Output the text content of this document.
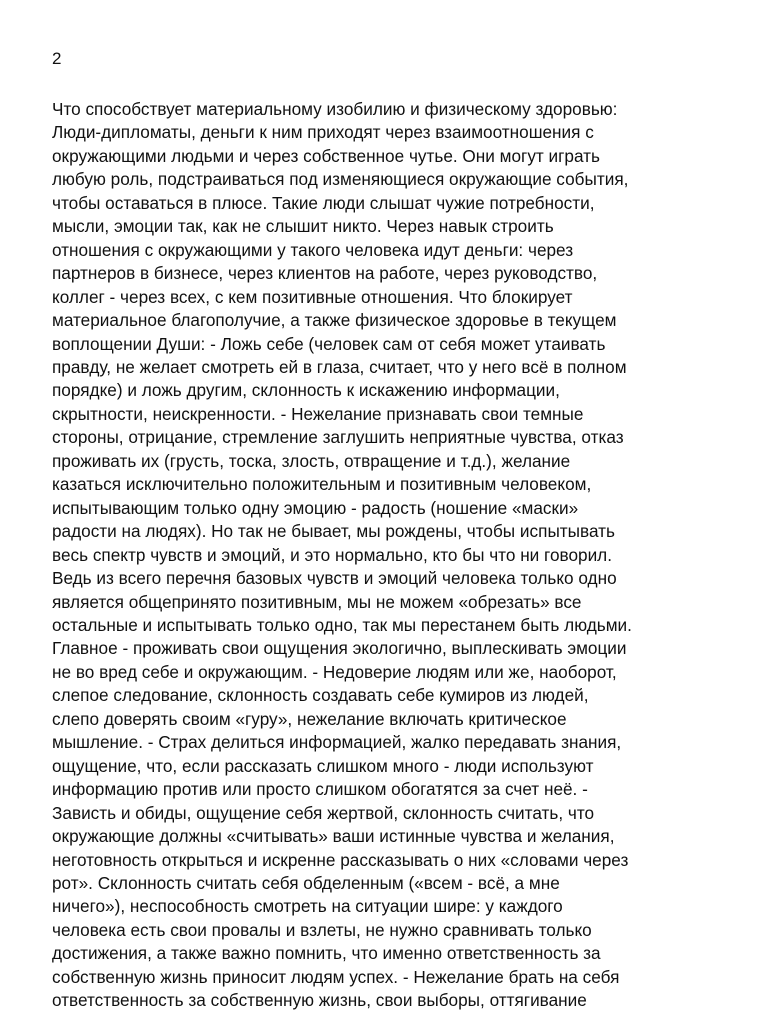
2
Что способствует материальному изобилию и физическому здоровью:
Люди-дипломаты, деньги к ним приходят через взаимоотношения с
окружающими людьми и через собственное чутье. Они могут играть
любую роль, подстраиваться под изменяющиеся окружающие события,
чтобы оставаться в плюсе. Такие люди слышат чужие потребности,
мысли, эмоции так, как не слышит никто. Через навык строить
отношения с окружающими у такого человека идут деньги: через
партнеров в бизнесе, через клиентов на работе, через руководство,
коллег - через всех, с кем позитивные отношения. Что блокирует
материальное благополучие, а также физическое здоровье в текущем
воплощении Души: - Ложь себе (человек сам от себя может утаивать
правду, не желает смотреть ей в глаза, считает, что у него всё в полном
порядке) и ложь другим, склонность к искажению информации,
скрытности, неискренности. - Нежелание признавать свои темные
стороны, отрицание, стремление заглушить неприятные чувства, отказ
проживать их (грусть, тоска, злость, отвращение и т.д.), желание
казаться исключительно положительным и позитивным человеком,
испытывающим только одну эмоцию - радость (ношение «маски»
радости на людях). Но так не бывает, мы рождены, чтобы испытывать
весь спектр чувств и эмоций, и это нормально, кто бы что ни говорил.
Ведь из всего перечня базовых чувств и эмоций человека только одно
является общепринято позитивным, мы не можем «обрезать» все
остальные и испытывать только одно, так мы перестанем быть людьми.
Главное - проживать свои ощущения экологично, выплескивать эмоции
не во вред себе и окружающим. - Недоверие людям или же, наоборот,
слепое следование, склонность создавать себе кумиров из людей,
слепо доверять своим «гуру», нежелание включать критическое
мышление. - Страх делиться информацией, жалко передавать знания,
ощущение, что, если рассказать слишком много - люди используют
информацию против или просто слишком обогатятся за счет неё. -
Зависть и обиды, ощущение себя жертвой, склонность считать, что
окружающие должны «считывать» ваши истинные чувства и желания,
неготовность открыться и искренне рассказывать о них «словами через
рот». Склонность считать себя обделенным («всем - всё, а мне
ничего»), неспособность смотреть на ситуации шире: у каждого
человека есть свои провалы и взлеты, не нужно сравнивать только
достижения, а также важно помнить, что именно ответственность за
собственную жизнь приносит людям успех. - Нежелание брать на себя
ответственность за собственную жизнь, свои выборы, оттягивание
